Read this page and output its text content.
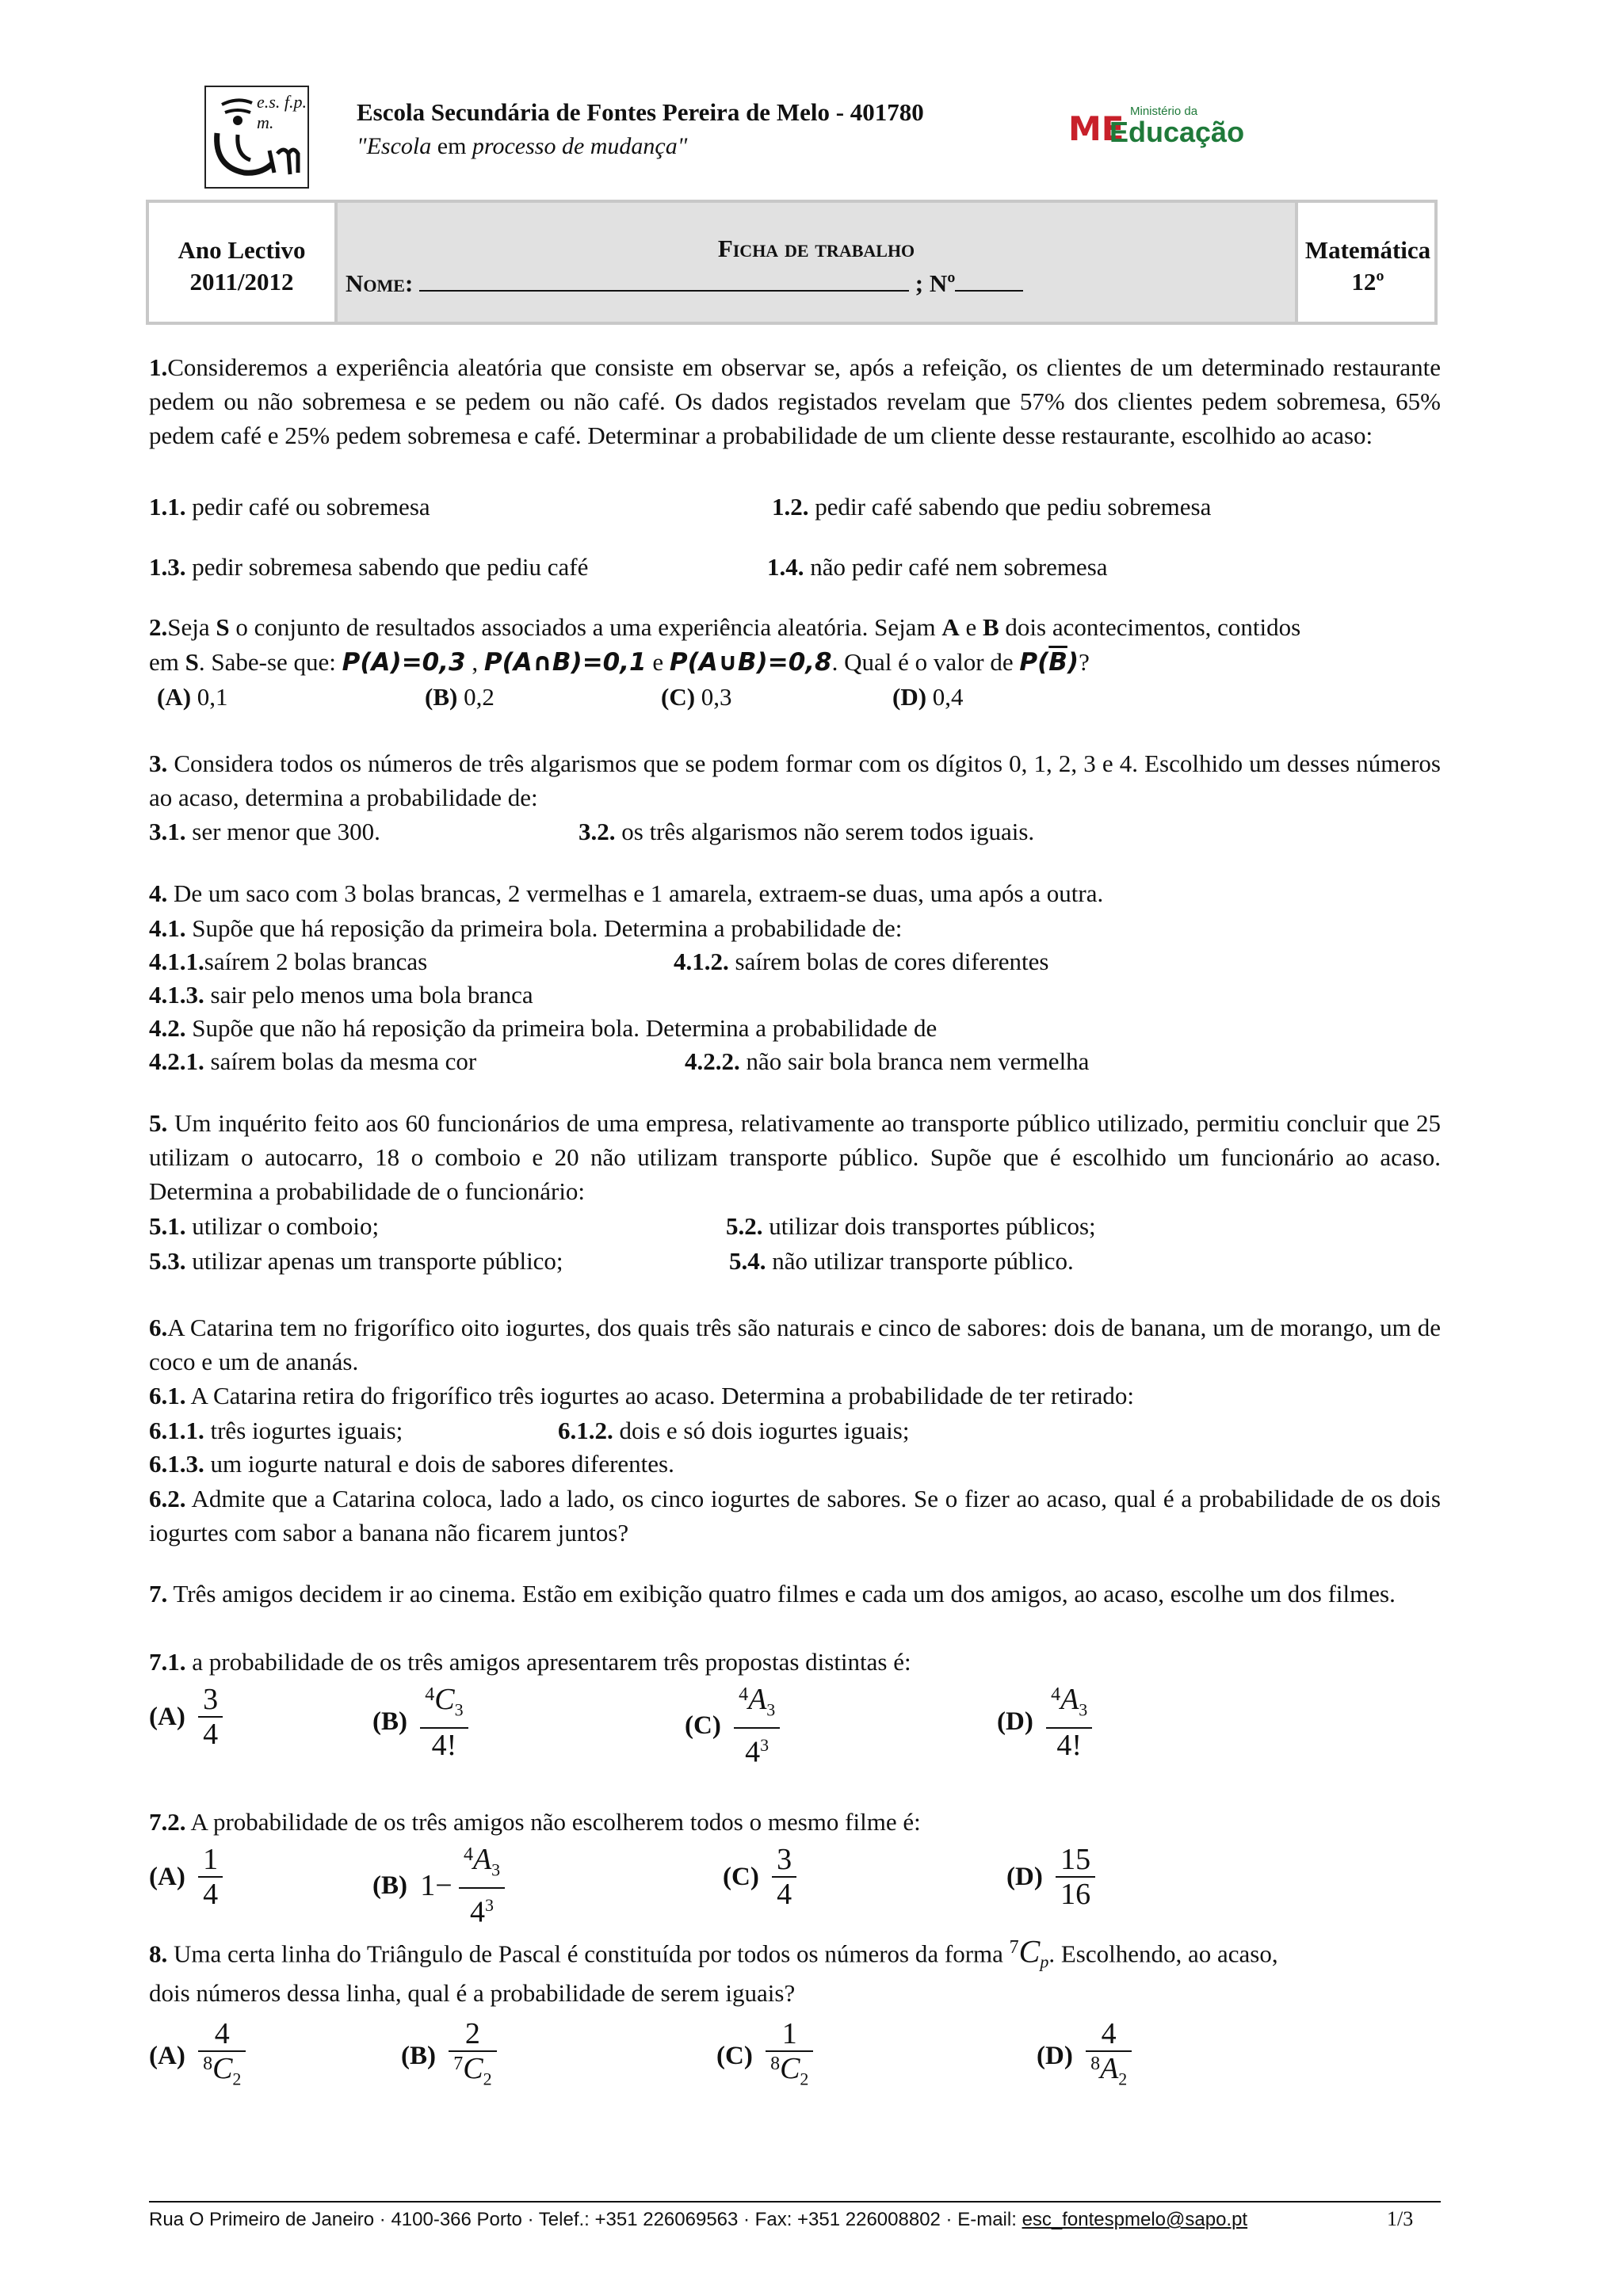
e.s. f.p. m.	Escola Secundária de Fontes Pereira de Melo - 401780
"Escola em processo de mudança"	ME Ministério da
Educação
Ano Lectivo
2011/2012
Ficha de trabalho
Nome:	; Nº
Matemática
12º

1.Consideremos a experiência aleatória que consiste em observar se, após a refeição, os clientes de um determinado restaurante pedem ou não sobremesa e se pedem ou não café. Os dados registados revelam que 57% dos clientes pedem sobremesa, 65% pedem café e 25% pedem sobremesa e café. Determinar a probabilidade de um cliente desse restaurante, escolhido ao acaso:

1.1. pedir café ou sobremesa	1.2. pedir café sabendo que pediu sobremesa
1.3. pedir sobremesa sabendo que pediu café	1.4. não pedir café nem sobremesa
2.Seja S o conjunto de resultados associados a uma experiência aleatória. Sejam A e B dois acontecimentos, contidos
em S. Sabe-se que: P(A)=0,3 , P(A∩B)=0,1 e P(A∪B)=0,8. Qual é o valor de $P(\overline{B})$?
(A) 0,1	(B) 0,2	(C) 0,3	(D) 0,4

3. Considera todos os números de três algarismos que se podem formar com os dígitos 0, 1, 2, 3 e 4. Escolhido um desses números ao acaso, determina a probabilidade de:

3.1. ser menor que 300.	3.2. os três algarismos não serem todos iguais.
4. De um saco com 3 bolas brancas, 2 vermelhas e 1 amarela, extraem-se duas, uma após a outra.
4.1. Supõe que há reposição da primeira bola. Determina a probabilidade de:
4.1.1.saírem 2 bolas brancas	4.1.2. saírem bolas de cores diferentes
4.1.3. sair pelo menos uma bola branca
4.2. Supõe que não há reposição da primeira bola. Determina a probabilidade de
4.2.1. saírem bolas da mesma cor	4.2.2. não sair bola branca nem vermelha

5. Um inquérito feito aos 60 funcionários de uma empresa, relativamente ao transporte público utilizado, permitiu concluir que 25 utilizam o autocarro, 18 o comboio e 20 não utilizam transporte público. Supõe que é escolhido um funcionário ao acaso. Determina a probabilidade de o funcionário:

5.1. utilizar o comboio;	5.2. utilizar dois transportes públicos;
5.3. utilizar apenas um transporte público;	5.4. não utilizar transporte público.

6.A Catarina tem no frigorífico oito iogurtes, dos quais três são naturais e cinco de sabores: dois de banana, um de morango, um de coco e um de ananás.

6.1. A Catarina retira do frigorífico três iogurtes ao acaso. Determina a probabilidade de ter retirado:
6.1.1. três iogurtes iguais;	6.1.2. dois e só dois iogurtes iguais;
6.1.3. um iogurte natural e dois de sabores diferentes.

6.2. Admite que a Catarina coloca, lado a lado, os cinco iogurtes de sabores. Se o fizer ao acaso, qual é a probabilidade de os dois iogurtes com sabor a banana não ficarem juntos?

7. Três amigos decidem ir ao cinema. Estão em exibição quatro filmes e cada um dos amigos, ao acaso, escolhe um dos filmes.

7.1. a probabilidade de os três amigos apresentarem três propostas distintas é:
$(A) \frac{3}{4}$	$(B) \frac{^4C_3}{4!}$	$(C) \frac{^4A_3}{4^3}$	$(D) \frac{^4A_3}{4!}$
7.2. A probabilidade de os três amigos não escolherem todos o mesmo filme é:
$(A) \frac{1}{4}$	(B) $1- \frac{^4A_3}{4^3}$	$(C) \frac{3}{4}$	$(D) \frac{15}{16}$
8. Uma certa linha do Triângulo de Pascal é constituída por todos os números da forma $^7C_p$. Escolhendo, ao acaso,
dois números dessa linha, qual é a probabilidade de serem iguais?
$(A) \frac{4}{^8C_2}$	$(B) \frac{2}{^7C_2}$	$(C) \frac{1}{^8C_2}$	$(D) \frac{4}{^8A_2}$
Rua O Primeiro de Janeiro · 4100-366 Porto · Telef.: +351 226069563 · Fax: +351 226008802 · E-mail: esc_fontespmelo@sapo.pt	1/3
